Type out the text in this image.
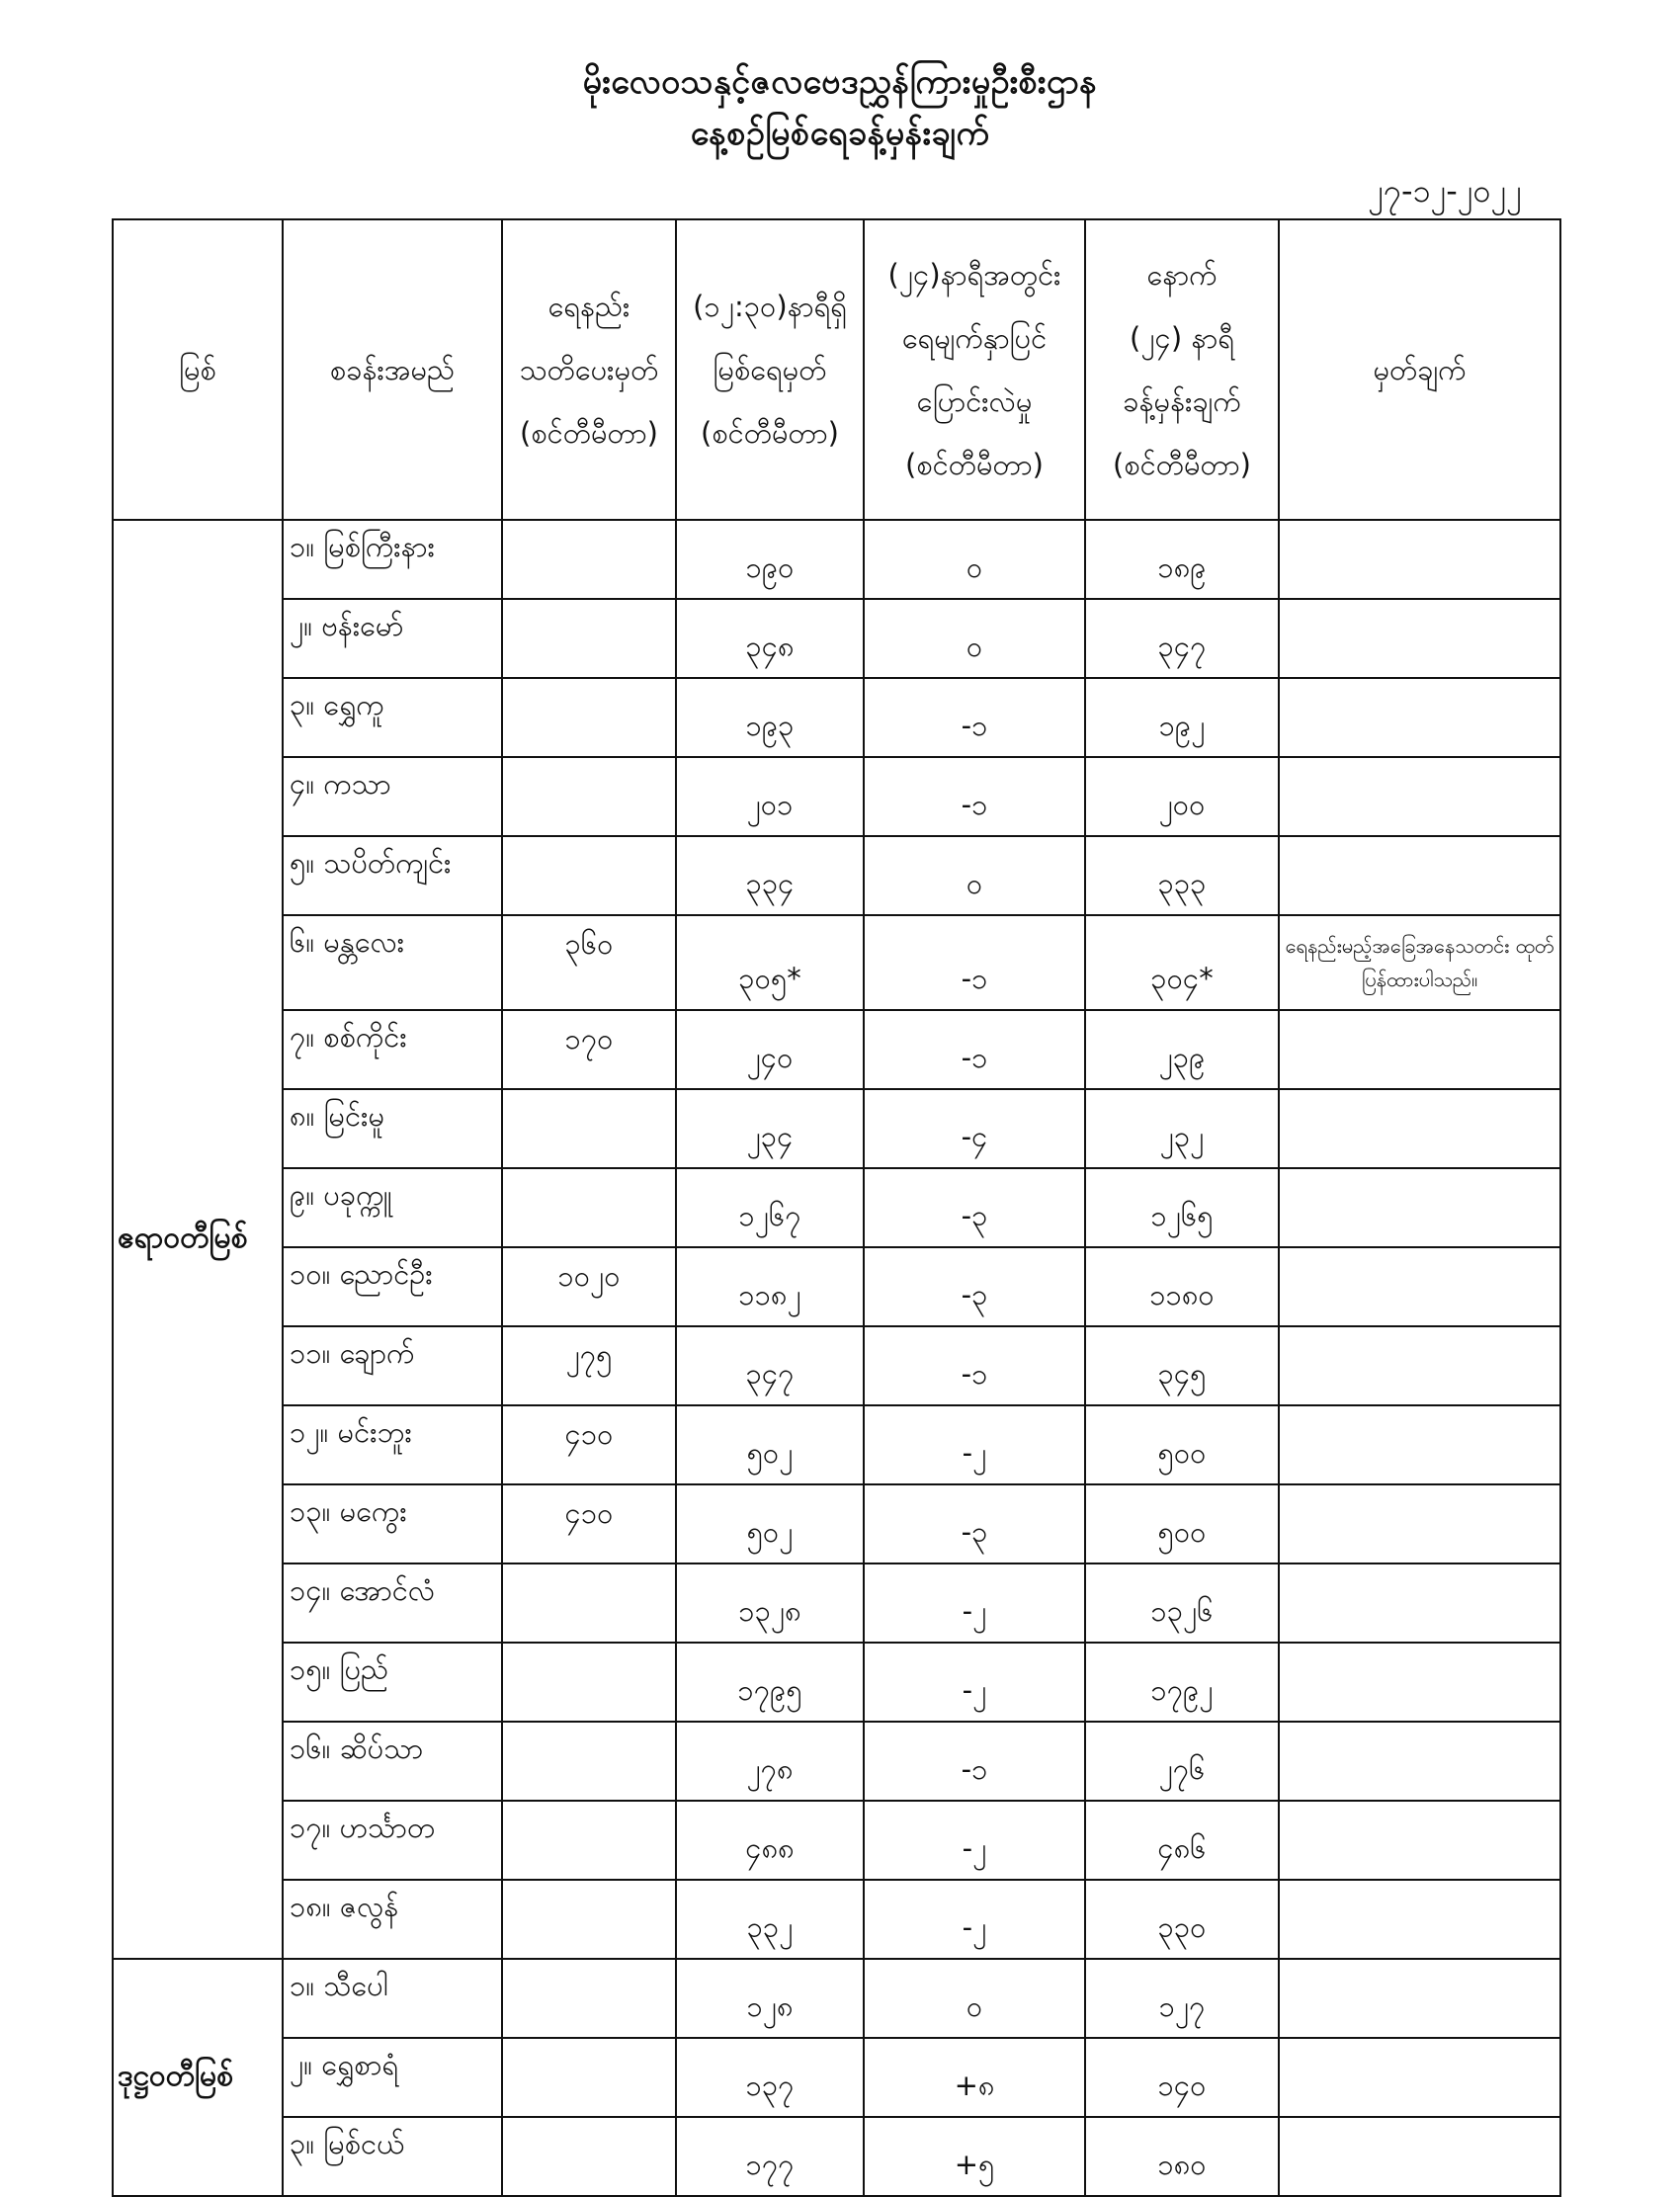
မိုးလေဝသနှင့်ဇလဗေဒညွှန်ကြားမှုဦးစီးဌာန
နေ့စဉ်မြစ်ရေခန့်မှန်းချက်
၂၇-၁၂-၂၀၂၂
မြစ်	စခန်းအမည်	ရေနည်း
သတိပေးမှတ်
(စင်တီမီတာ)	(၁၂:၃၀)နာရီရှိ
မြစ်ရေမှတ်
(စင်တီမီတာ)	(၂၄)နာရီအတွင်း
ရေမျက်နှာပြင်
ပြောင်းလဲမှု
(စင်တီမီတာ)	နောက်
(၂၄) နာရီ
ခန့်မှန်းချက်
(စင်တီမီတာ)	မှတ်ချက်
ဧရာဝတီမြစ်	၁။ မြစ်ကြီးနား		၁၉၀	၀	၁၈၉	
	၂။ ဗန်းမော်		၃၄၈	၀	၃၄၇	
	၃။ ရွှေကူ		၁၉၃	-၁	၁၉၂	
	၄။ ကသာ		၂၀၁	-၁	၂၀၀	
	၅။ သပိတ်ကျင်း		၃၃၄	၀	၃၃၃	
	၆။ မန္တလေး	၃၆၀	၃၀၅*	-၁	၃၀၄*	ရေနည်းမည့်အခြေအနေသတင်း ထုတ်ပြန်ထားပါသည်။
	၇။ စစ်ကိုင်း	၁၇၀	၂၄၀	-၁	၂၃၉	
	၈။ မြင်းမူ		၂၃၄	-၄	၂၃၂	
	၉။ ပခုက္ကူ		၁၂၆၇	-၃	၁၂၆၅	
	၁၀။ ညောင်ဦး	၁၀၂၀	၁၁၈၂	-၃	၁၁၈၀	
	၁၁။ ချောက်	၂၇၅	၃၄၇	-၁	၃၄၅	
	၁၂။ မင်းဘူး	၄၁၀	၅၀၂	-၂	၅၀၀	
	၁၃။ မကွေး	၄၁၀	၅၀၂	-၃	၅၀၀	
	၁၄။ အောင်လံ		၁၃၂၈	-၂	၁၃၂၆	
	၁၅။ ပြည်		၁၇၉၅	-၂	၁၇၉၂	
	၁၆။ ဆိပ်သာ		၂၇၈	-၁	၂၇၆	
	၁၇။ ဟင်္သာတ		၄၈၈	-၂	၄၈၆	
	၁၈။ ဇလွန်		၃၃၂	-၂	၃၃၀	
ဒုဋ္ဌဝတီမြစ်	၁။ သီပေါ		၁၂၈	၀	၁၂၇	
	၂။ ရွှေစာရံ		၁၃၇	+၈	၁၄၀	
	၃။ မြစ်ငယ်		၁၇၇	+၅	၁၈၀	
